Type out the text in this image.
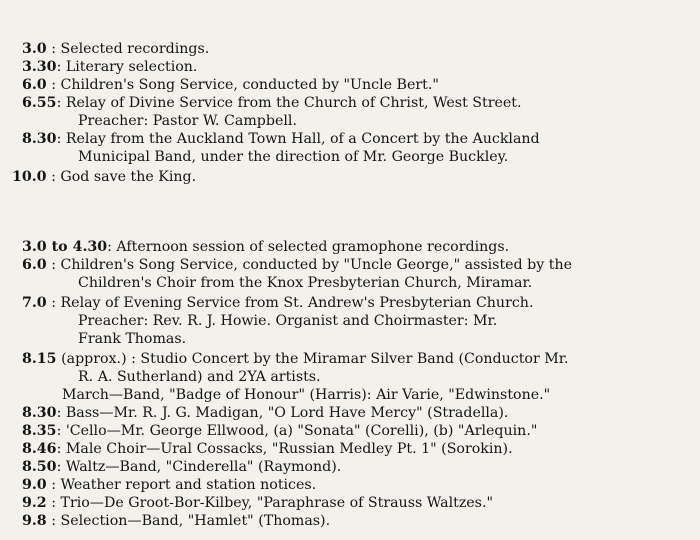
3.0 : Selected recordings.
3.30: Literary selection.
6.0 : Children's Song Service, conducted by "Uncle Bert."
6.55: Relay of Divine Service from the Church of Christ, West Street.
Preacher: Pastor W. Campbell.
8.30: Relay from the Auckland Town Hall, of a Concert by the Auckland
Municipal Band, under the direction of Mr. George Buckley.
10.0 : God save the King.
3.0 to 4.30: Afternoon session of selected gramophone recordings.
6.0 : Children's Song Service, conducted by "Uncle George," assisted by the
Children's Choir from the Knox Presbyterian Church, Miramar.
7.0 : Relay of Evening Service from St. Andrew's Presbyterian Church.
Preacher: Rev. R. J. Howie. Organist and Choirmaster: Mr.
Frank Thomas.
8.15 (approx.) : Studio Concert by the Miramar Silver Band (Conductor Mr.
R. A. Sutherland) and 2YA artists.
March—Band, "Badge of Honour" (Harris): Air Varie, "Edwinstone."
8.30: Bass—Mr. R. J. G. Madigan, "O Lord Have Mercy" (Stradella).
8.35: 'Cello—Mr. George Ellwood, (a) "Sonata" (Corelli), (b) "Arlequin."
8.46: Male Choir—Ural Cossacks, "Russian Medley Pt. 1" (Sorokin).
8.50: Waltz—Band, "Cinderella" (Raymond).
9.0 : Weather report and station notices.
9.2 : Trio—De Groot-Bor-Kilbey, "Paraphrase of Strauss Waltzes."
9.8 : Selection—Band, "Hamlet" (Thomas).
